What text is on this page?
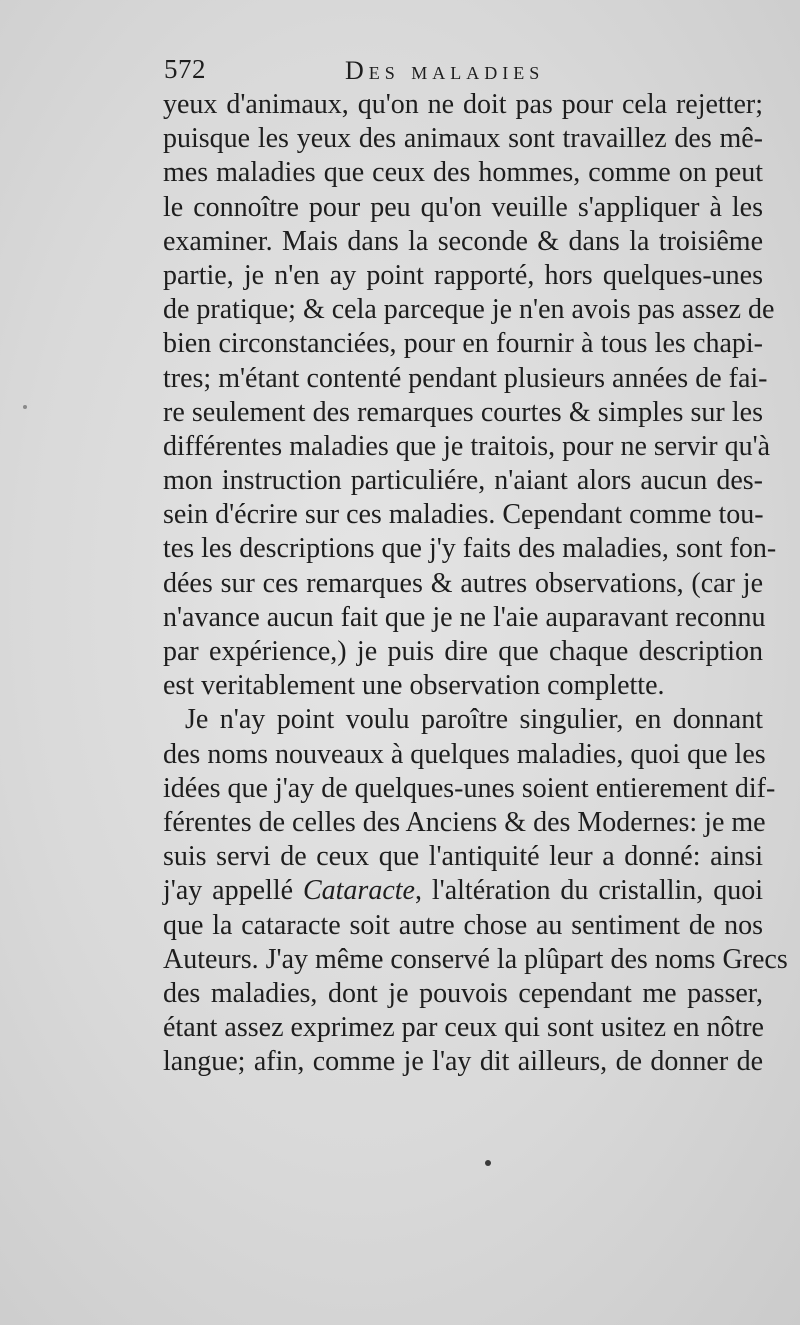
572	Des maladies
yeux d'animaux, qu'on ne doit pas pour cela rejetter;
puisque les yeux des animaux sont travaillez des mê-
mes maladies que ceux des hommes, comme on peut
le connoître pour peu qu'on veuille s'appliquer à les
examiner. Mais dans la seconde & dans la troisiême
partie, je n'en ay point rapporté, hors quelques-unes
de pratique; & cela parceque je n'en avois pas assez de
bien circonstanciées, pour en fournir à tous les chapi-
tres; m'étant contenté pendant plusieurs années de fai-
re seulement des remarques courtes & simples sur les
différentes maladies que je traitois, pour ne servir qu'à
mon instruction particuliére, n'aiant alors aucun des-
sein d'écrire sur ces maladies. Cependant comme tou-
tes les descriptions que j'y faits des maladies, sont fon-
dées sur ces remarques & autres observations, (car je
n'avance aucun fait que je ne l'aie auparavant reconnu
par expérience,) je puis dire que chaque description
est veritablement une observation complette.
Je n'ay point voulu paroître singulier, en donnant
des noms nouveaux à quelques maladies, quoi que les
idées que j'ay de quelques-unes soient entierement dif-
férentes de celles des Anciens & des Modernes: je me
suis servi de ceux que l'antiquité leur a donné: ainsi
j'ay appellé Cataracte, l'altération du cristallin, quoi
que la cataracte soit autre chose au sentiment de nos
Auteurs. J'ay même conservé la plûpart des noms Grecs
des maladies, dont je pouvois cependant me passer,
étant assez exprimez par ceux qui sont usitez en nôtre
langue; afin, comme je l'ay dit ailleurs, de donner de
